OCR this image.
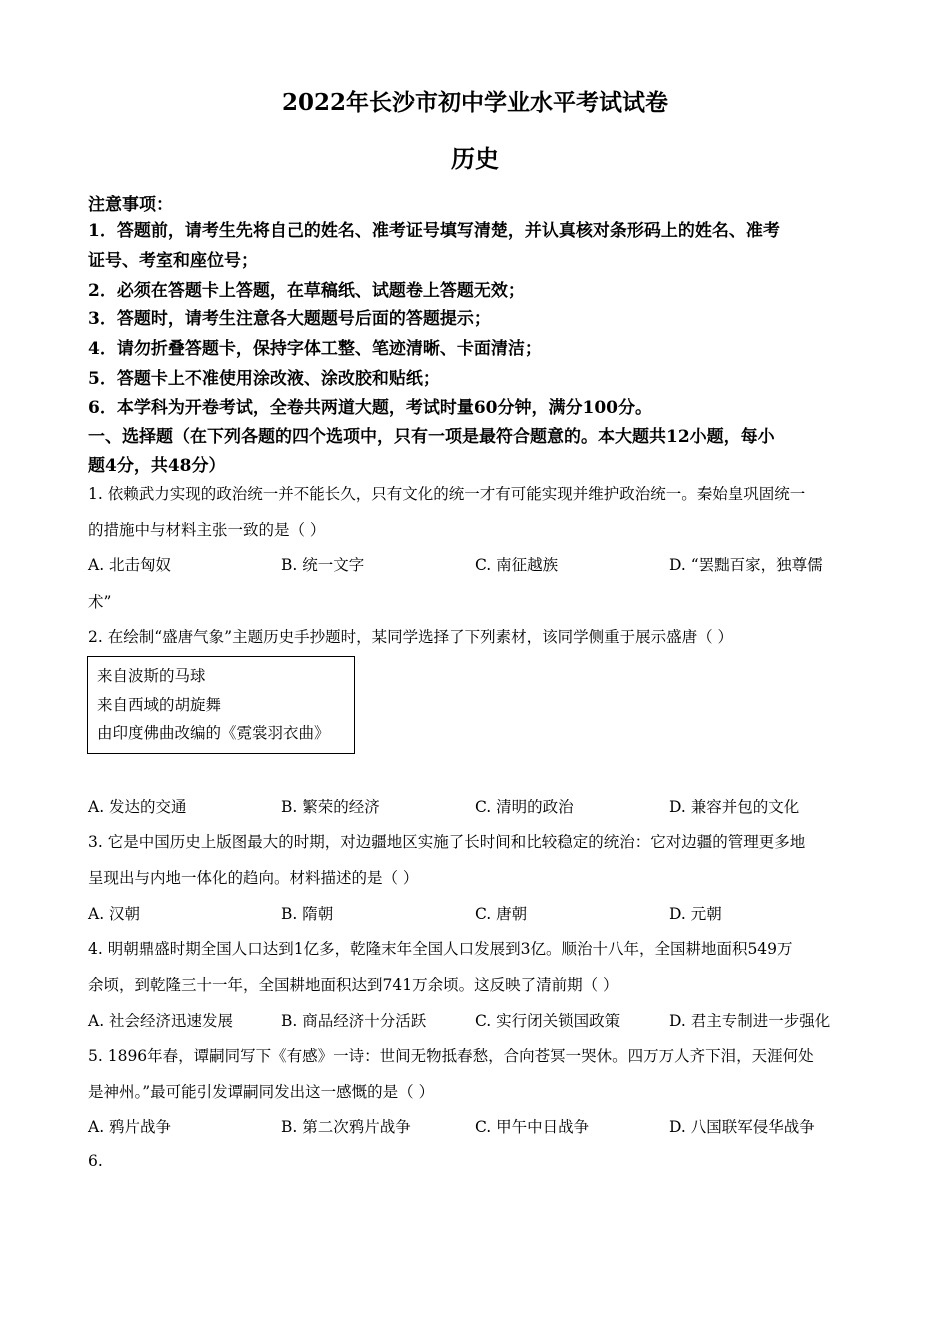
2022年长沙市初中学业水平考试试卷
历史
注意事项：
1．答题前，请考生先将自己的姓名、准考证号填写清楚，并认真核对条形码上的姓名、准考
证号、考室和座位号；
2．必须在答题卡上答题，在草稿纸、试题卷上答题无效；
3．答题时，请考生注意各大题题号后面的答题提示；
4．请勿折叠答题卡，保持字体工整、笔迹清晰、卡面清洁；
5．答题卡上不准使用涂改液、涂改胶和贴纸；
6．本学科为开卷考试，全卷共两道大题，考试时量60分钟，满分100分。
一、选择题（在下列各题的四个选项中，只有一项是最符合题意的。本大题共12小题，每小
题4分，共48分）
1. 依赖武力实现的政治统一并不能长久，只有文化的统一才有可能实现并维护政治统一。秦始皇巩固统一
的措施中与材料主张一致的是（ ）
A. 北击匈奴	B. 统一文字	C. 南征越族	D. “罢黜百家，独尊儒
术”
2. 在绘制“盛唐气象”主题历史手抄题时，某同学选择了下列素材，该同学侧重于展示盛唐（ ）
来自波斯的马球
来自西域的胡旋舞
由印度佛曲改编的《霓裳羽衣曲》
A. 发达的交通	B. 繁荣的经济	C. 清明的政治	D. 兼容并包的文化
3. 它是中国历史上版图最大的时期，对边疆地区实施了长时间和比较稳定的统治：它对边疆的管理更多地
呈现出与内地一体化的趋向。材料描述的是（ ）
A. 汉朝	B. 隋朝	C. 唐朝	D. 元朝
4. 明朝鼎盛时期全国人口达到1亿多，乾隆末年全国人口发展到3亿。顺治十八年，全国耕地面积549万
余顷，到乾隆三十一年，全国耕地面积达到741万余顷。这反映了清前期（ ）
A. 社会经济迅速发展	B. 商品经济十分活跃	C. 实行闭关锁国政策	D. 君主专制进一步强化
5. 1896年春，谭嗣同写下《有感》一诗：世间无物抵春愁，合向苍冥一哭休。四万万人齐下泪，天涯何处
是神州。”最可能引发谭嗣同发出这一感慨的是（ ）
A. 鸦片战争	B. 第二次鸦片战争	C. 甲午中日战争	D. 八国联军侵华战争
6.
